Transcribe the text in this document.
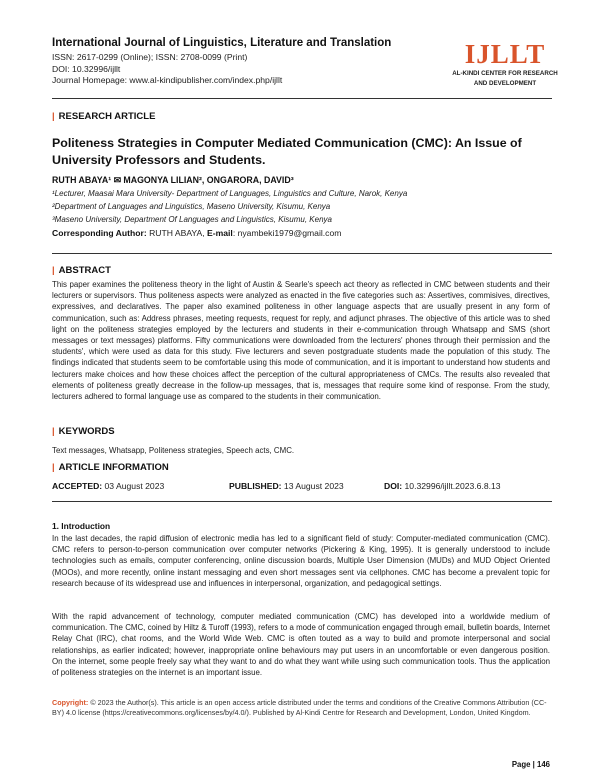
International Journal of Linguistics, Literature and Translation
ISSN: 2617-0299 (Online); ISSN: 2708-0099 (Print)
DOI: 10.32996/ijllt
Journal Homepage: www.al-kindipublisher.com/index.php/ijllt
IJLLT
AL-KINDI CENTER FOR RESEARCH
AND DEVELOPMENT
| RESEARCH ARTICLE
Politeness Strategies in Computer Mediated Communication (CMC): An Issue of University Professors and Students.
RUTH ABAYA¹ ✉ MAGONYA LILIAN², ONGARORA, DAVID³
¹Lecturer, Maasai Mara University- Department of Languages, Linguistics and Culture, Narok, Kenya
²Department of Languages and Linguistics, Maseno University, Kisumu, Kenya
³Maseno University, Department Of Languages and Linguistics, Kisumu, Kenya
Corresponding Author: RUTH ABAYA, E-mail: nyambeki1979@gmail.com
| ABSTRACT

This paper examines the politeness theory in the light of Austin & Searle's speech act theory as reflected in CMC between students and their lecturers or supervisors. Thus politeness aspects were analyzed as enacted in the five categories such as: Assertives, commisives, directives, expressives, and declaratives. The paper also examined politeness in other language aspects that are usually present in any form of communication, such as: Address phrases, meeting requests, request for reply, and adjunct phrases. The objective of this article was to shed light on the politeness strategies employed by the lecturers and students in their e-communication through Whatsapp and SMS (short messages or text messages) platforms. Fifty communications were downloaded from the lecturers' phones through their permission and the students', which were used as data for this study. Five lecturers and seven postgraduate students made the population of this study. The findings indicated that students seem to be comfortable using this mode of communication, and it is important to understand how students and lecturers make choices and how these choices affect the perception of the cultural appropriateness of CMCs. The results also revealed that elements of politeness greatly decrease in the follow-up messages, that is, messages that require some kind of response. From the study, lecturers adhered to formal language use as compared to the students in their communication.

| KEYWORDS

Text messages, Whatsapp, Politeness strategies, Speech acts, CMC.

| ARTICLE INFORMATION
ACCEPTED: 03 August 2023	PUBLISHED: 13 August 2023	DOI: 10.32996/ijllt.2023.6.8.13
1. Introduction

In the last decades, the rapid diffusion of electronic media has led to a significant field of study: Computer-mediated communication (CMC). CMC refers to person-to-person communication over computer networks (Pickering & King, 1995). It is generally understood to include technologies such as emails, computer conferencing, online discussion boards, Multiple User Dimension (MUDs) and MUD Object Oriented (MOOs), and more recently, online instant messaging and even short messages sent via cellphones. CMC has become a prevalent topic for research because of its widespread use and influences in interpersonal, organization, and pedagogical settings.

With the rapid advancement of technology, computer mediated communication (CMC) has developed into a worldwide medium of communication. The CMC, coined by Hiltz & Turoff (1993), refers to a mode of communication engaged through email, bulletin boards, Internet Relay Chat (IRC), chat rooms, and the World Wide Web. CMC is often touted as a way to build and promote interpersonal and social relationships, as earlier indicated; however, inappropriate online behaviours may put users in an uncomfortable or even dangerous position. On the internet, some people freely say what they want to and do what they want while using such communication tools. Thus the application of politeness strategies on the internet is an important issue.

Copyright: © 2023 the Author(s). This article is an open access article distributed under the terms and conditions of the Creative Commons Attribution (CC-BY) 4.0 license (https://creativecommons.org/licenses/by/4.0/). Published by Al-Kindi Centre for Research and Development, London, United Kingdom.
Page | 146
